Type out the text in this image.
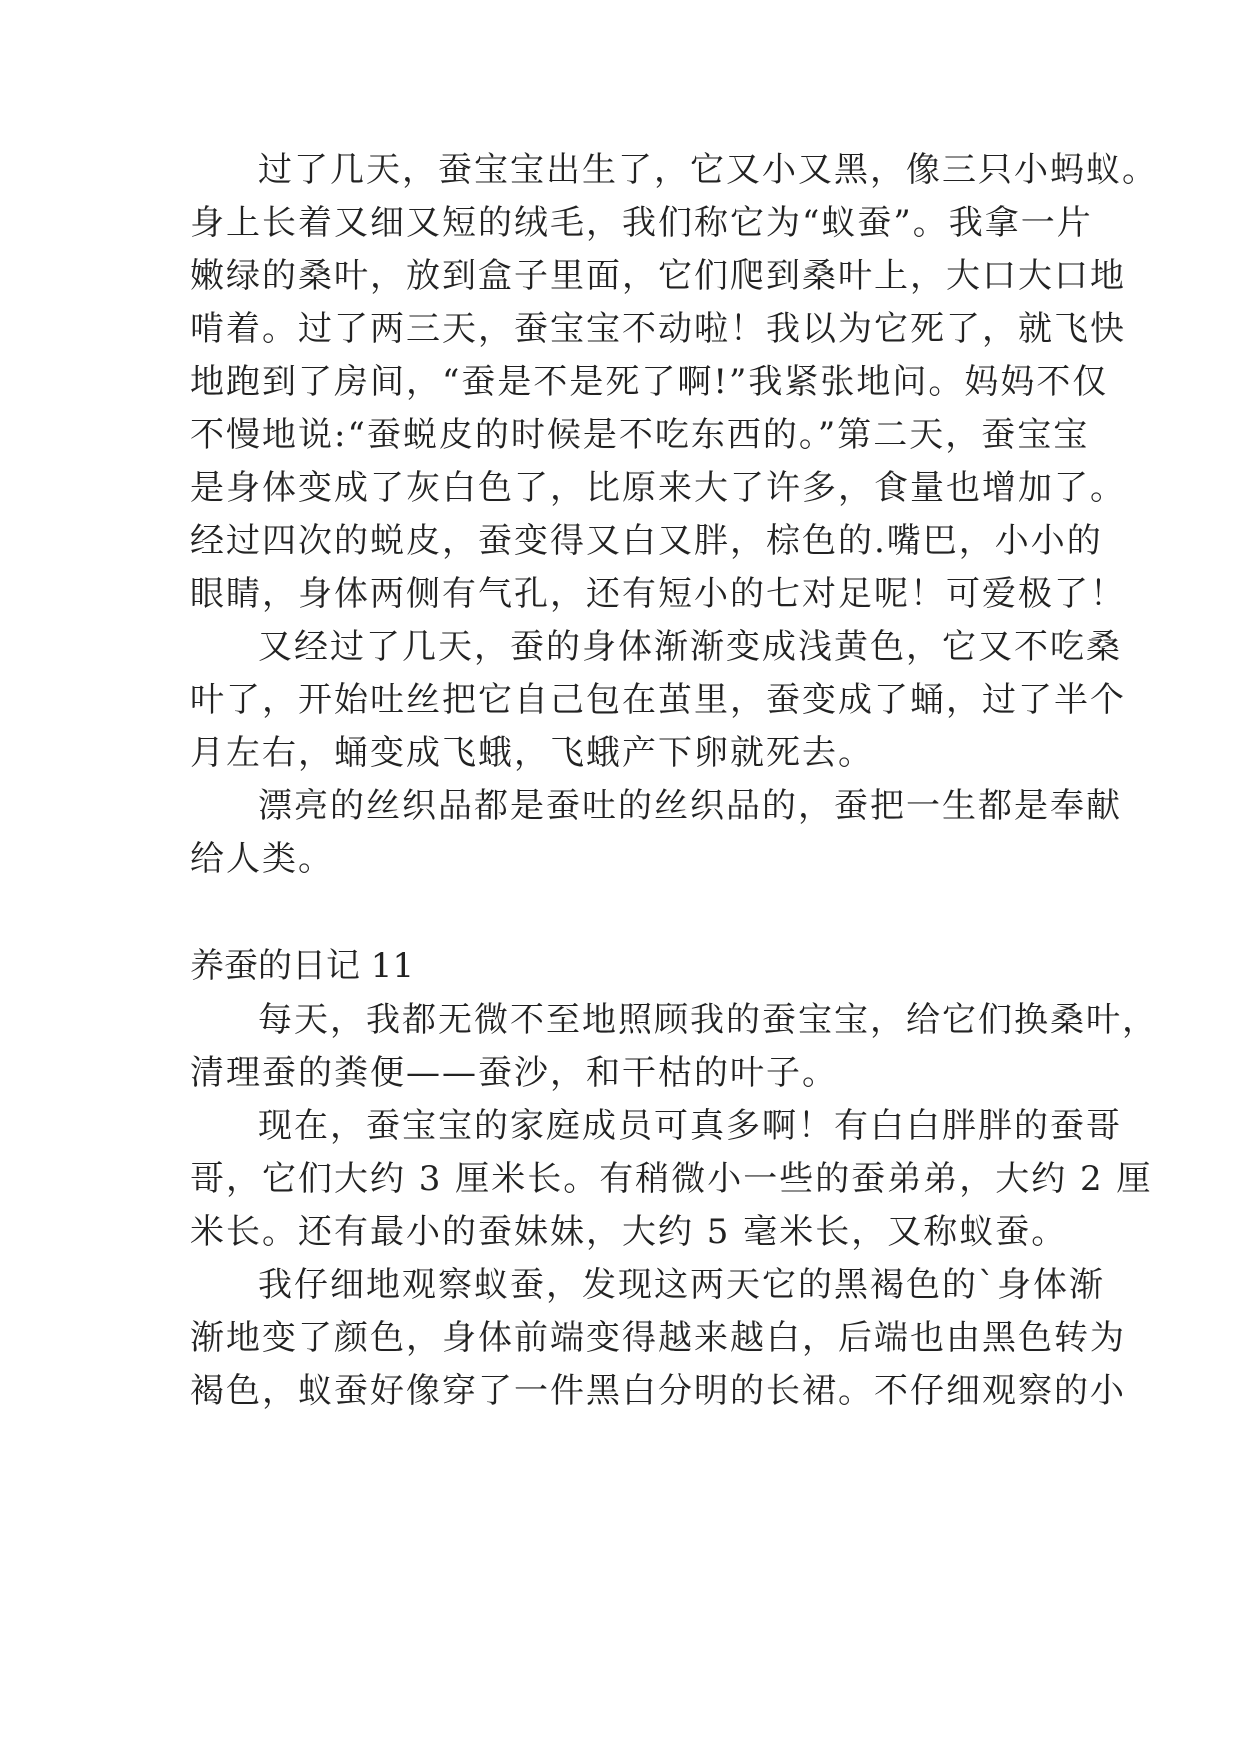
过了几天，蚕宝宝出生了，它又小又黑，像三只小蚂蚁。
身上长着又细又短的绒毛，我们称它为“蚁蚕”。我拿一片
嫩绿的桑叶，放到盒子里面，它们爬到桑叶上，大口大口地
啃着。过了两三天，蚕宝宝不动啦！我以为它死了，就飞快
地跑到了房间，“蚕是不是死了啊!”我紧张地问。妈妈不仅
不慢地说:“蚕蜕皮的时候是不吃东西的。”第二天，蚕宝宝
是身体变成了灰白色了，比原来大了许多，食量也增加了。
经过四次的蜕皮，蚕变得又白又胖，棕色的.嘴巴，小小的
眼睛，身体两侧有气孔，还有短小的七对足呢！可爱极了！
又经过了几天，蚕的身体渐渐变成浅黄色，它又不吃桑
叶了，开始吐丝把它自己包在茧里，蚕变成了蛹，过了半个
月左右，蛹变成飞蛾，飞蛾产下卵就死去。
漂亮的丝织品都是蚕吐的丝织品的，蚕把一生都是奉献
给人类。
养蚕的日记 11
每天，我都无微不至地照顾我的蚕宝宝，给它们换桑叶，
清理蚕的粪便——蚕沙，和干枯的叶子。
现在，蚕宝宝的家庭成员可真多啊！有白白胖胖的蚕哥
哥，它们大约 3 厘米长。有稍微小一些的蚕弟弟，大约 2 厘
米长。还有最小的蚕妹妹，大约 5 毫米长，又称蚁蚕。
我仔细地观察蚁蚕，发现这两天它的黑褐色的`身体渐
渐地变了颜色，身体前端变得越来越白，后端也由黑色转为
褐色，蚁蚕好像穿了一件黑白分明的长裙。不仔细观察的小
